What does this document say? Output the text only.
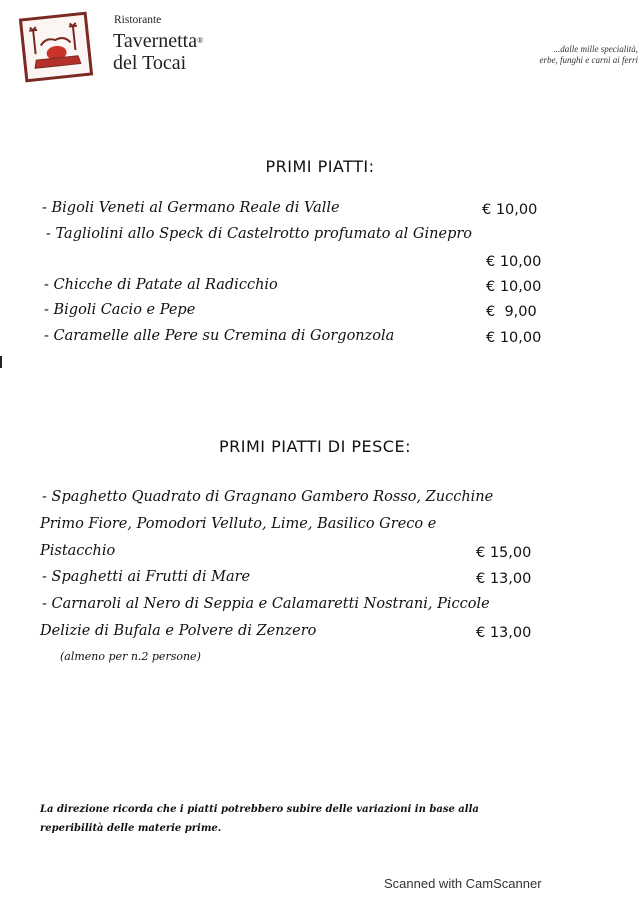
Ristorante
Tavernetta®
del Tocai
...dalle mille specialità,
erbe, funghi e carni ai ferri
PRIMI PIATTI:
- Bigoli Veneti al Germano Reale di Valle	€ 10,00
- Tagliolini allo Speck di Castelrotto profumato al Ginepro
€ 10,00
- Chicche di Patate al Radicchio	€ 10,00
- Bigoli Cacio e Pepe	€  9,00
- Caramelle alle Pere su Cremina di Gorgonzola	€ 10,00
PRIMI PIATTI DI PESCE:
- Spaghetto Quadrato di Gragnano Gambero Rosso, Zucchine
Primo Fiore, Pomodori Velluto, Lime, Basilico Greco e
Pistacchio	€ 15,00
- Spaghetti ai Frutti di Mare	€ 13,00
- Carnaroli al Nero di Seppia e Calamaretti Nostrani, Piccole
Delizie di Bufala e Polvere di Zenzero	€ 13,00
(almeno per n.2 persone)
La direzione ricorda che i piatti potrebbero subire delle variazioni in base alla
reperibilità delle materie prime.
Scanned with CamScanner
